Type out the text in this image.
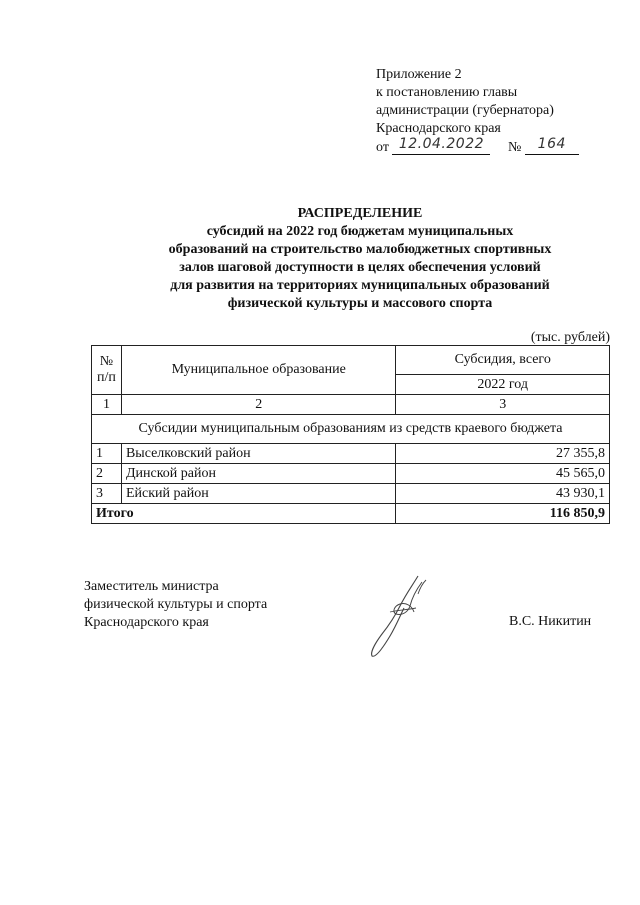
Приложение 2
к постановлению главы
администрации (губернатора)
Краснодарского края
от 12.04.2022 № 164
РАСПРЕДЕЛЕНИЕ
субсидий на 2022 год бюджетам муниципальных
образований на строительство малобюджетных спортивных
залов шаговой доступности в целях обеспечения условий
для развития на территориях муниципальных образований
физической культуры и массового спорта
(тыс. рублей)
№ п/п	Муниципальное образование	Субсидия, всего
		2022 год
1	2	3
Субсидии муниципальным образованиям из средств краевого бюджета		
1	Выселковский район	27 355,8
2	Динской район	45 565,0
3	Ейский район	43 930,1
Итого		116 850,9
Заместитель министра
физической культуры и спорта
Краснодарского края	В.С. Никитин
